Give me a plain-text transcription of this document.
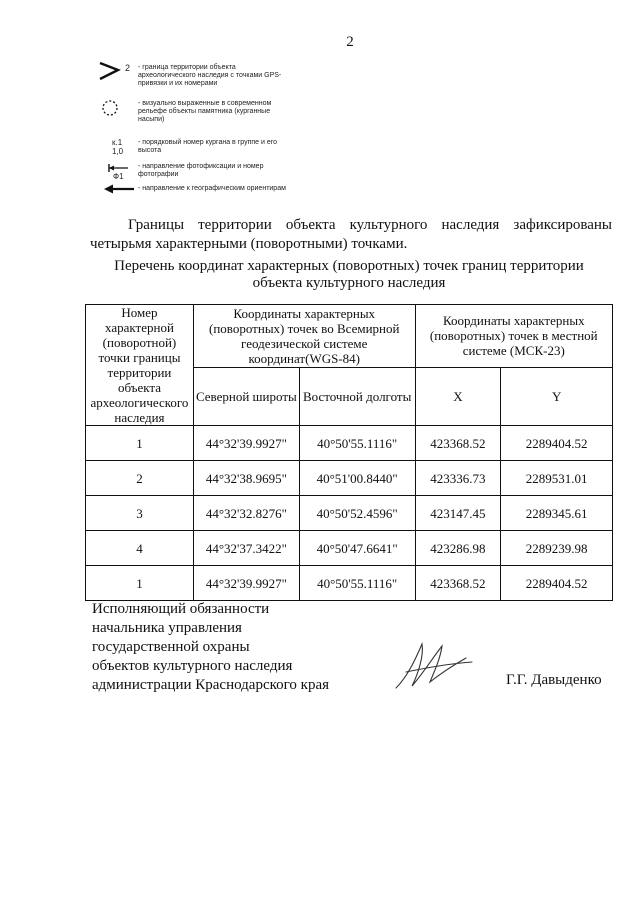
2
2 - граница территории объекта археологического наследия с точками GPS-привязки и их номерами
- визуально выраженные в современном рельефе объекты памятника (курганные насыпи)
к.1
1,0
- порядковый номер кургана в группе и его высота
Ф1
- направление фотофиксации и номер фотографии
- направление к географическим ориентирам
Границы территории объекта культурного наследия зафиксированы четырьмя характерными (поворотными) точками.
Перечень координат характерных (поворотных) точек границ территории объекта культурного наследия
Номер характерной (поворотной) точки границы территории объекта археологического наследия	Координаты характерных (поворотных) точек во Всемирной геодезической системе координат(WGS-84)		Координаты характерных (поворотных) точек в местной системе (МСК-23)	
	Северной широты	Восточной долготы	X	Y
1	44°32'39.9927"	40°50'55.1116"	423368.52	2289404.52
2	44°32'38.9695"	40°51'00.8440"	423336.73	2289531.01
3	44°32'32.8276"	40°50'52.4596"	423147.45	2289345.61
4	44°32'37.3422"	40°50'47.6641"	423286.98	2289239.98
1	44°32'39.9927"	40°50'55.1116"	423368.52	2289404.52
Исполняющий обязанности
начальника управления
государственной охраны
объектов культурного наследия
администрации Краснодарского края	Г.Г. Давыденко
